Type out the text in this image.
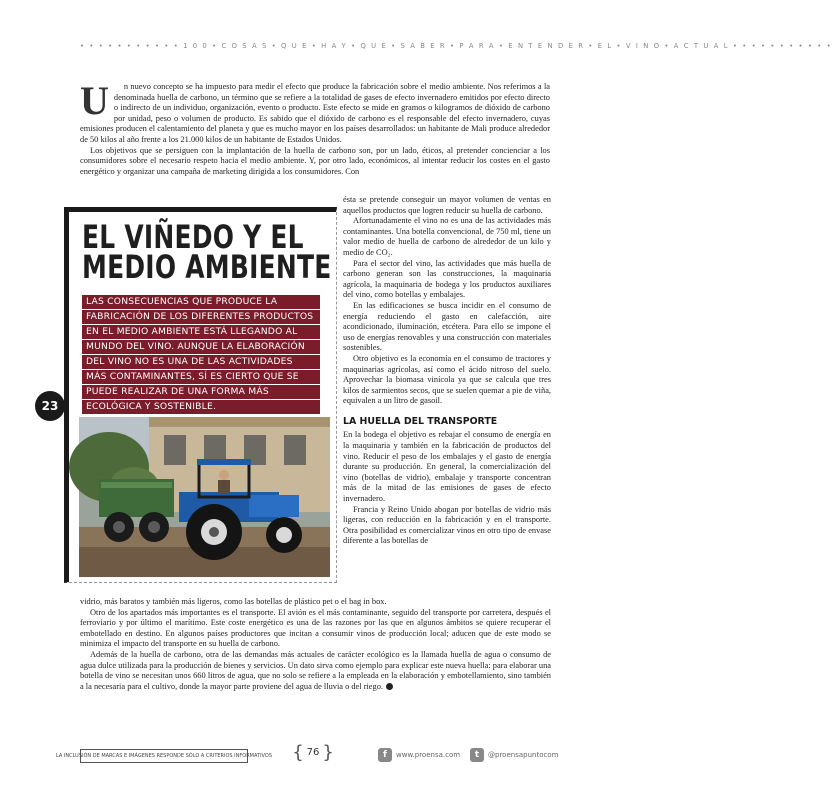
• • • • • • • • • • • 1 0 0 • C O S A S • Q U E • H A Y • Q U E • S A B E R • P A R A • E N T E N D E R • E L • V I N O • A C T U A L • • • • • • • • • • •
U	n nuevo concepto se ha impuesto para medir el efecto que produce la fabricación sobre el medio ambiente. Nos referimos a la denominada huella de carbono, un término que se refiere a la totalidad de gases de efecto invernadero emitidos por efecto directo o indirecto de un individuo, organización, evento o producto. Este efecto se mide en gramos o kilogramos de dióxido de carbono por unidad, peso o volumen de producto. Es sabido que el dióxido de carbono es el responsable del efecto invernadero, cuyas emisiones producen el calentamiento del planeta y que es mucho mayor en los países desarrollados: un habitante de Mali produce alrededor de 50 kilos al año frente a los 21.000 kilos de un habitante de Estados Unidos.

Los objetivos que se persiguen con la implantación de la huella de carbono son, por un lado, éticos, al pretender concienciar a los consumidores sobre el necesario respeto hacia el medio ambiente. Y, por otro lado, económicos, al intentar reducir los costes en el gasto energético y organizar una campaña de marketing dirigida a los consumidores. Con

EL VIÑEDO Y EL
MEDIO AMBIENTE
LAS CONSECUENCIAS QUE PRODUCE LA
FABRICACIÓN DE LOS DIFERENTES PRODUCTOS
EN EL MEDIO AMBIENTE ESTÁ LLEGANDO AL
MUNDO DEL VINO. AUNQUE LA ELABORACIÓN
DEL VINO NO ES UNA DE LAS ACTIVIDADES
MÁS CONTAMINANTES, SÍ ES CIERTO QUE SE
PUEDE REALIZAR DE UNA FORMA MÁS
ECOLÓGICA Y SOSTENIBLE.
23

ésta se pretende conseguir un mayor volumen de ventas en aquellos productos que logren reducir su huella de carbono.

Afortunadamente el vino no es una de las actividades más contaminantes. Una botella convencional, de 750 ml, tiene un valor medio de huella de carbono de alrededor de un kilo y medio de CO₂.

Para el sector del vino, las actividades que más huella de carbono generan son las construcciones, la maquinaria agrícola, la maquinaria de bodega y los productos auxiliares del vino, como botellas y embalajes.

En las edificaciones se busca incidir en el consumo de energía reduciendo el gasto en calefacción, aire acondicionado, iluminación, etcétera. Para ello se impone el uso de energías renovables y una construcción con materiales sostenibles.

Otro objetivo es la economía en el consumo de tractores y maquinarias agrícolas, así como el ácido nitroso del suelo. Aprovechar la biomasa vinícola ya que se calcula que tres kilos de sarmientos secos, que se suelen quemar a pie de viña, equivalen a un litro de gasoil.

LA HUELLA DEL TRANSPORTE

En la bodega el objetivo es rebajar el consumo de energía en la maquinaria y también en la fabricación de productos del vino. Reducir el peso de los embalajes y el gasto de energía durante su producción. En general, la comercialización del vino (botellas de vidrio), embalaje y transporte concentran más de la mitad de las emisiones de gases de efecto invernadero.

Francia y Reino Unido abogan por botellas de vidrio más ligeras, con reducción en la fabricación y en el transporte. Otra posibilidad es comercializar vinos en otro tipo de envase diferente a las botellas de

vidrio, más baratos y también más ligeros, como las botellas de plástico pet o el bag in box.

Otro de los apartados más importantes es el transporte. El avión es el más contaminante, seguido del transporte por carretera, después el ferroviario y por último el marítimo. Este coste energético es una de las razones por las que en algunos ámbitos se quiere recuperar el embotellado en destino. En algunos países productores que incitan a consumir vinos de producción local; aducen que de este modo se minimiza el impacto del transporte en su huella de carbono.

Además de la huella de carbono, otra de las demandas más actuales de carácter ecológico es la llamada huella de agua o consumo de agua dulce utilizada para la producción de bienes y servicios. Un dato sirva como ejemplo para explicar este nueva huella: para elaborar una botella de vino se necesitan unos 660 litros de agua, que no solo se refiere a la empleada en la elaboración y embotellamiento, sino también a la necesaria para el cultivo, donde la mayor parte proviene del agua de lluvia o del riego.

LA INCLUSIÓN DE MARCAS E IMÁGENES RESPONDE SÓLO A CRITERIOS INFORMATIVOS { 76 }	f	www.proensa.com	t	@proensapuntocom
